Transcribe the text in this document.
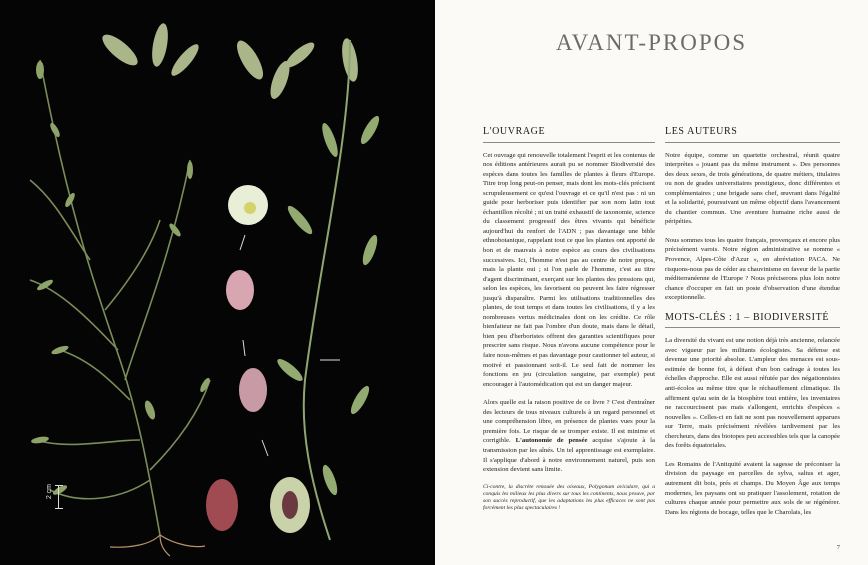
2 cm
AVANT-PROPOS
L'OUVRAGE

Cet ouvrage qui renouvelle totalement l'esprit et les contenus de nos éditions antérieures aurait pu se nommer Biodiversité des espèces dans toutes les familles de plantes à fleurs d'Europe. Titre trop long peut-on penser, mais dont les mots-clés précisent scrupuleusement ce qu'est l'ouvrage et ce qu'il n'est pas : ni un guide pour herboriser puis identifier par son nom latin tout échantillon récolté ; ni un traité exhaustif de taxonomie, science du classement progressif des êtres vivants qui bénéficie aujourd'hui du renfort de l'ADN ; pas davantage une bible ethnobotanique, rappelant tout ce que les plantes ont apporté de bon et de mauvais à notre espèce au cours des civilisations successives. Ici, l'homme n'est pas au centre de notre propos, mais la plante oui ; si l'on parle de l'homme, c'est au titre d'agent discriminant, exerçant sur les plantes des pressions qui, selon les espèces, les favorisent ou peuvent les faire régresser jusqu'à disparaître. Parmi les utilisations traditionnelles des plantes, de tout temps et dans toutes les civilisations, il y a les nombreuses vertus médicinales dont on les crédite. Ce rôle bienfaiteur ne fait pas l'ombre d'un doute, mais dans le détail, bien peu d'herboristes offrent des garanties scientifiques pour prescrire sans risque. Nous n'avons aucune compétence pour le faire nous-mêmes et pas davantage pour cautionner tel auteur, si motivé et passionnant soit-il. Le seul fait de nommer les fonctions en jeu (circulation sanguine, par exemple) peut encourager à l'automédication qui est un danger majeur.

Alors quelle est la raison positive de ce livre ? C'est d'entraîner des lecteurs de tous niveaux culturels à un regard personnel et une compréhension libre, en présence de plantes vues pour la première fois. Le risque de se tromper existe. Il est minime et corrigible. L'autonomie de pensée acquise s'ajoute à la transmission par les aînés. Un tel apprentissage est exemplaire. Il s'applique d'abord à notre environnement naturel, puis son extension devient sans limite.

Ci-contre, la discrète renouée des oiseaux, Polygonum aviculare, qui a conquis les milieux les plus divers sur tous les continents, nous prouve, par son succès reproductif, que les adaptations les plus efficaces ne sont pas forcément les plus spectaculaires !
LES AUTEURS

Notre équipe, comme un quartette orchestral, réunit quatre interprètes « jouant pas du même instrument ». Des personnes des deux sexes, de trois générations, de quatre métiers, titulaires ou non de grades universitaires prestigieux, donc différentes et complémentaires ; une brigade sans chef, œuvrant dans l'égalité et la solidarité, poursuivant un même objectif dans l'avancement du chantier commun. Une aventure humaine riche aussi de péripéties.

Nous sommes tous les quatre français, provençaux et encore plus précisément varois. Notre région administrative se nomme « Provence, Alpes-Côte d'Azur », en abréviation PACA. Ne risquons-nous pas de céder au chauvinisme en faveur de la partie méditerranéenne de l'Europe ? Nous préciserons plus loin notre chance d'occuper en fait un poste d'observation d'une étendue exceptionnelle.

MOTS-CLÉS : 1 – BIODIVERSITÉ

La diversité du vivant est une notion déjà très ancienne, relancée avec vigueur par les militants écologistes. Sa défense est devenue une priorité absolue. L'ampleur des menaces est sous-estimée de bonne foi, à défaut d'un bon cadrage à toutes les échelles d'approche. Elle est aussi réfutée par des négationnistes anti-écolos au même titre que le réchauffement climatique. Ils affirment qu'au sein de la biosphère tout entière, les inventaires ne raccourcissent pas mais s'allongent, enrichis d'espèces « nouvelles ». Celles-ci en fait ne sont pas nouvellement apparues sur Terre, mais précisément révélées tardivement par les chercheurs, dans des biotopes peu accessibles tels que la canopée des forêts équatoriales.

Les Romains de l'Antiquité avaient la sagesse de préconiser la division du paysage en parcelles de sylva, saltus et ager, autrement dit bois, prés et champs. Du Moyen Âge aux temps modernes, les paysans ont su pratiquer l'assolement, rotation de cultures chaque année pour permettre aux sols de se régénérer. Dans les régions de bocage, telles que le Charolais, les

7
